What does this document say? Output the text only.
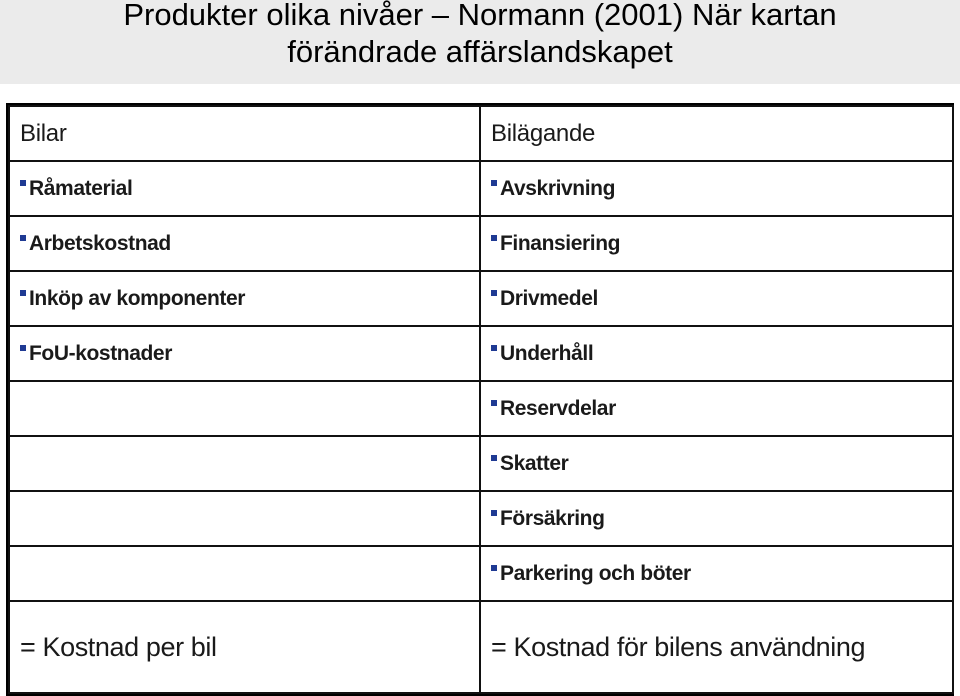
Produkter olika nivåer – Normann (2001) När kartan
förändrade affärslandskapet
Bilar	Bilägande
Råmaterial	Avskrivning
Arbetskostnad	Finansiering
Inköp av komponenter	Drivmedel
FoU-kostnader	Underhåll
	Reservdelar
	Skatter
	Försäkring
	Parkering och böter
= Kostnad per bil	= Kostnad för bilens användning
